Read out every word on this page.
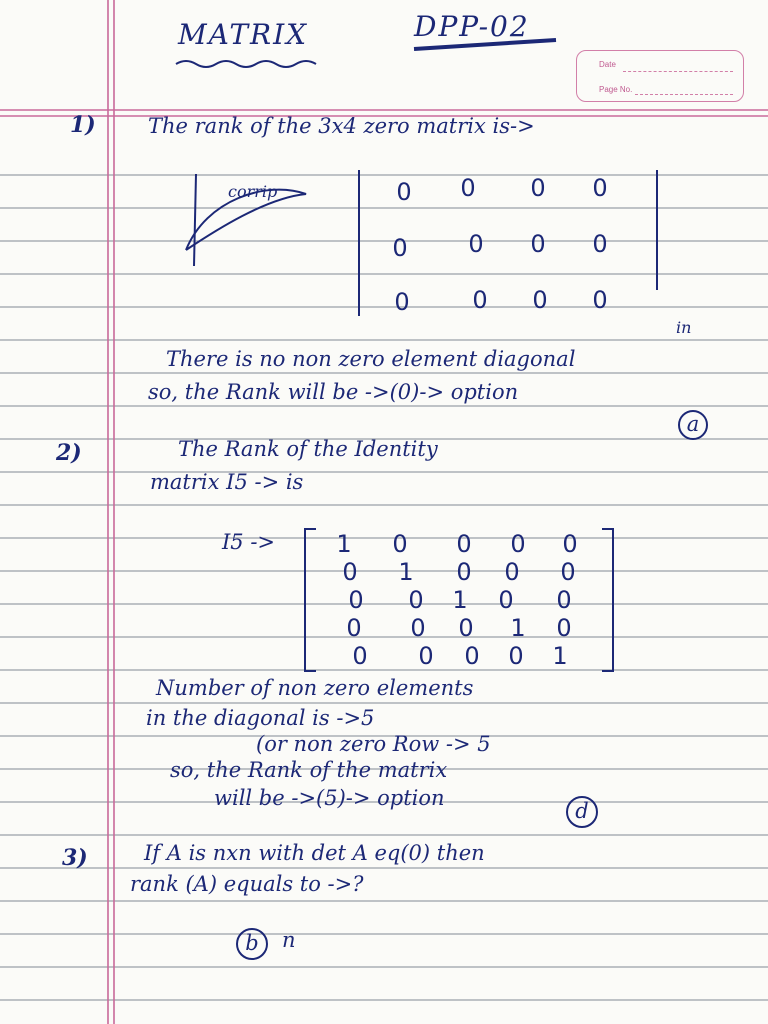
MATRIX	DPP-02
Date
Page No.
1) The rank of the 3x4 zero matrix is->
corrip	0	0	0	0
0	0	0	0
0	0	0	0
in
There is no non zero element diagonal
so, the Rank will be ->(0)-> option
a
2)	The Rank of the Identity
matrix I5 -> is
I5 ->	1	0	0	0	0
0	1	0	0	0
0	0	1	0	0
0	0	0	1	0
0	0	0	0	1
Number of non zero elements
in the diagonal is ->5
(or non zero Row -> 5
so, the Rank of the matrix
will be ->(5)-> option
d
3)	If A is nxn with det A eq(0) then
rank (A) equals to ->?
b	n
